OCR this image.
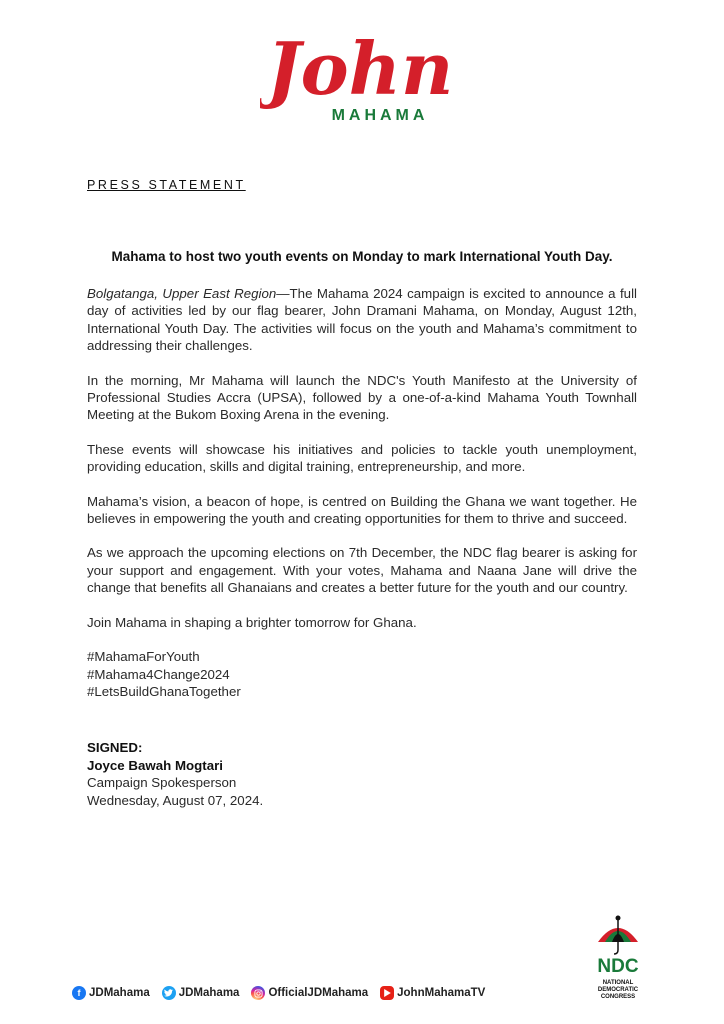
John
MAHAMA
PRESS STATEMENT
Mahama to host two youth events on Monday to mark International Youth Day.

Bolgatanga, Upper East Region—The Mahama 2024 campaign is excited to announce a full day of activities led by our flag bearer, John Dramani Mahama, on Monday, August 12th, International Youth Day. The activities will focus on the youth and Mahama’s commitment to addressing their challenges.

In the morning, Mr Mahama will launch the NDC's Youth Manifesto at the University of Professional Studies Accra (UPSA), followed by a one-of-a-kind Mahama Youth Townhall Meeting at the Bukom Boxing Arena in the evening.

These events will showcase his initiatives and policies to tackle youth unemployment, providing education, skills and digital training, entrepreneurship, and more.

Mahama’s vision, a beacon of hope, is centred on Building the Ghana we want together. He believes in empowering the youth and creating opportunities for them to thrive and succeed.

As we approach the upcoming elections on 7th December, the NDC flag bearer is asking for your support and engagement. With your votes, Mahama and Naana Jane will drive the change that benefits all Ghanaians and creates a better future for the youth and our country.

Join Mahama in shaping a brighter tomorrow for Ghana.

#MahamaForYouth
#Mahama4Change2024
#LetsBuildGhanaTogether
SIGNED:
Joyce Bawah Mogtari
Campaign Spokesperson
Wednesday, August 07, 2024.
NDC
NATIONAL
DEMOCRATIC
CONGRESS
f JDMahama	JDMahama	OfficialJDMahama	JohnMahamaTV
